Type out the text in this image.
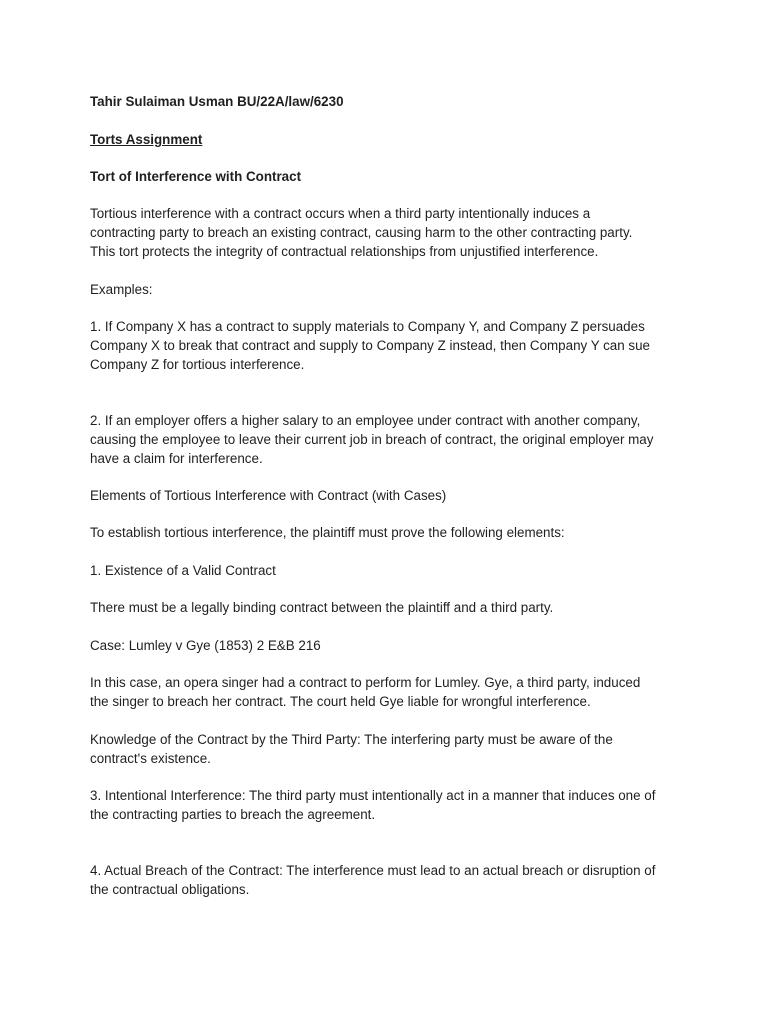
Tahir Sulaiman Usman BU/22A/law/6230
Torts Assignment
Tort of Interference with Contract
Tortious interference with a contract occurs when a third party intentionally induces a
contracting party to breach an existing contract, causing harm to the other contracting party.
This tort protects the integrity of contractual relationships from unjustified interference.
Examples:
1. If Company X has a contract to supply materials to Company Y, and Company Z persuades
Company X to break that contract and supply to Company Z instead, then Company Y can sue
Company Z for tortious interference.
2. If an employer offers a higher salary to an employee under contract with another company,
causing the employee to leave their current job in breach of contract, the original employer may
have a claim for interference.
Elements of Tortious Interference with Contract (with Cases)
To establish tortious interference, the plaintiff must prove the following elements:
1. Existence of a Valid Contract
There must be a legally binding contract between the plaintiff and a third party.
Case: Lumley v Gye (1853) 2 E&B 216
In this case, an opera singer had a contract to perform for Lumley. Gye, a third party, induced
the singer to breach her contract. The court held Gye liable for wrongful interference.
Knowledge of the Contract by the Third Party: The interfering party must be aware of the
contract's existence.
3. Intentional Interference: The third party must intentionally act in a manner that induces one of
the contracting parties to breach the agreement.
4. Actual Breach of the Contract: The interference must lead to an actual breach or disruption of
the contractual obligations.
